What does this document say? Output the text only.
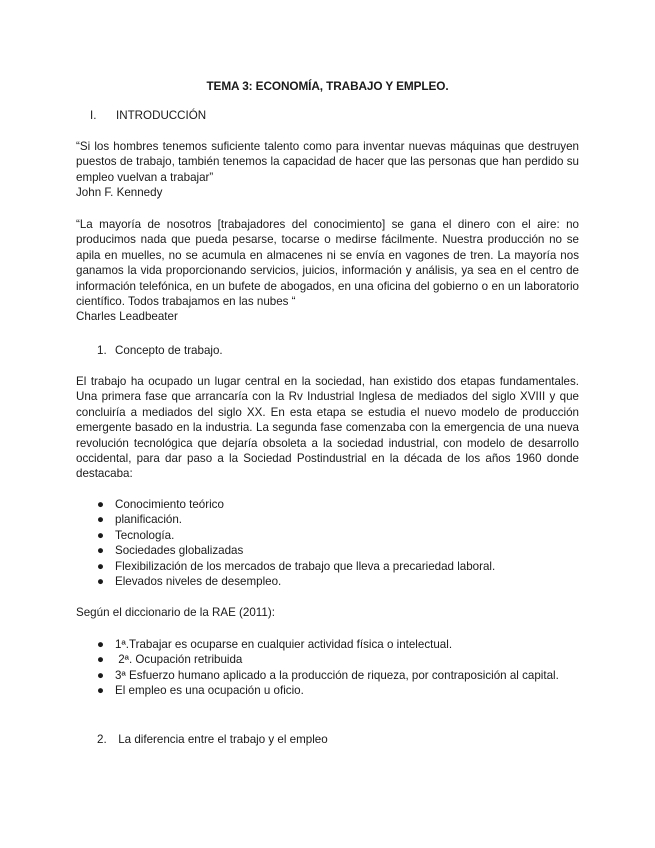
TEMA 3: ECONOMÍA, TRABAJO Y EMPLEO.
I.	INTRODUCCIÓN

“Si los hombres tenemos suficiente talento como para inventar nuevas máquinas que destruyen puestos de trabajo, también tenemos la capacidad de hacer que las personas que han perdido su empleo vuelvan a trabajar”

John F. Kennedy

“La mayoría de nosotros [trabajadores del conocimiento] se gana el dinero con el aire: no producimos nada que pueda pesarse, tocarse o medirse fácilmente. Nuestra producción no se apila en muelles, no se acumula en almacenes ni se envía en vagones de tren. La mayoría nos ganamos la vida proporcionando servicios, juicios, información y análisis, ya sea en el centro de información telefónica, en un bufete de abogados, en una oficina del gobierno o en un laboratorio científico. Todos trabajamos en las nubes “

Charles Leadbeater
1. Concepto de trabajo.

El trabajo ha ocupado un lugar central en la sociedad, han existido dos etapas fundamentales. Una primera fase que arrancaría con la Rv Industrial Inglesa de mediados del siglo XVIII y que concluiría a mediados del siglo XX. En esta etapa se estudia el nuevo modelo de producción emergente basado en la industria. La segunda fase comenzaba con la emergencia de una nueva revolución tecnológica que dejaría obsoleta a la sociedad industrial, con modelo de desarrollo occidental, para dar paso a la Sociedad Postindustrial en la década de los años 1960 donde destacaba:

● Conocimiento teórico
● planificación.
● Tecnología.
● Sociedades globalizadas
● Flexibilización de los mercados de trabajo que lleva a precariedad laboral.
● Elevados niveles de desempleo.

Según el diccionario de la RAE (2011):

● 1ª.Trabajar es ocuparse en cualquier actividad física o intelectual.
● 2ª. Ocupación retribuida
● 3ª Esfuerzo humano aplicado a la producción de riqueza, por contraposición al capital.
● El empleo es una ocupación u oficio.
2. La diferencia entre el trabajo y el empleo
